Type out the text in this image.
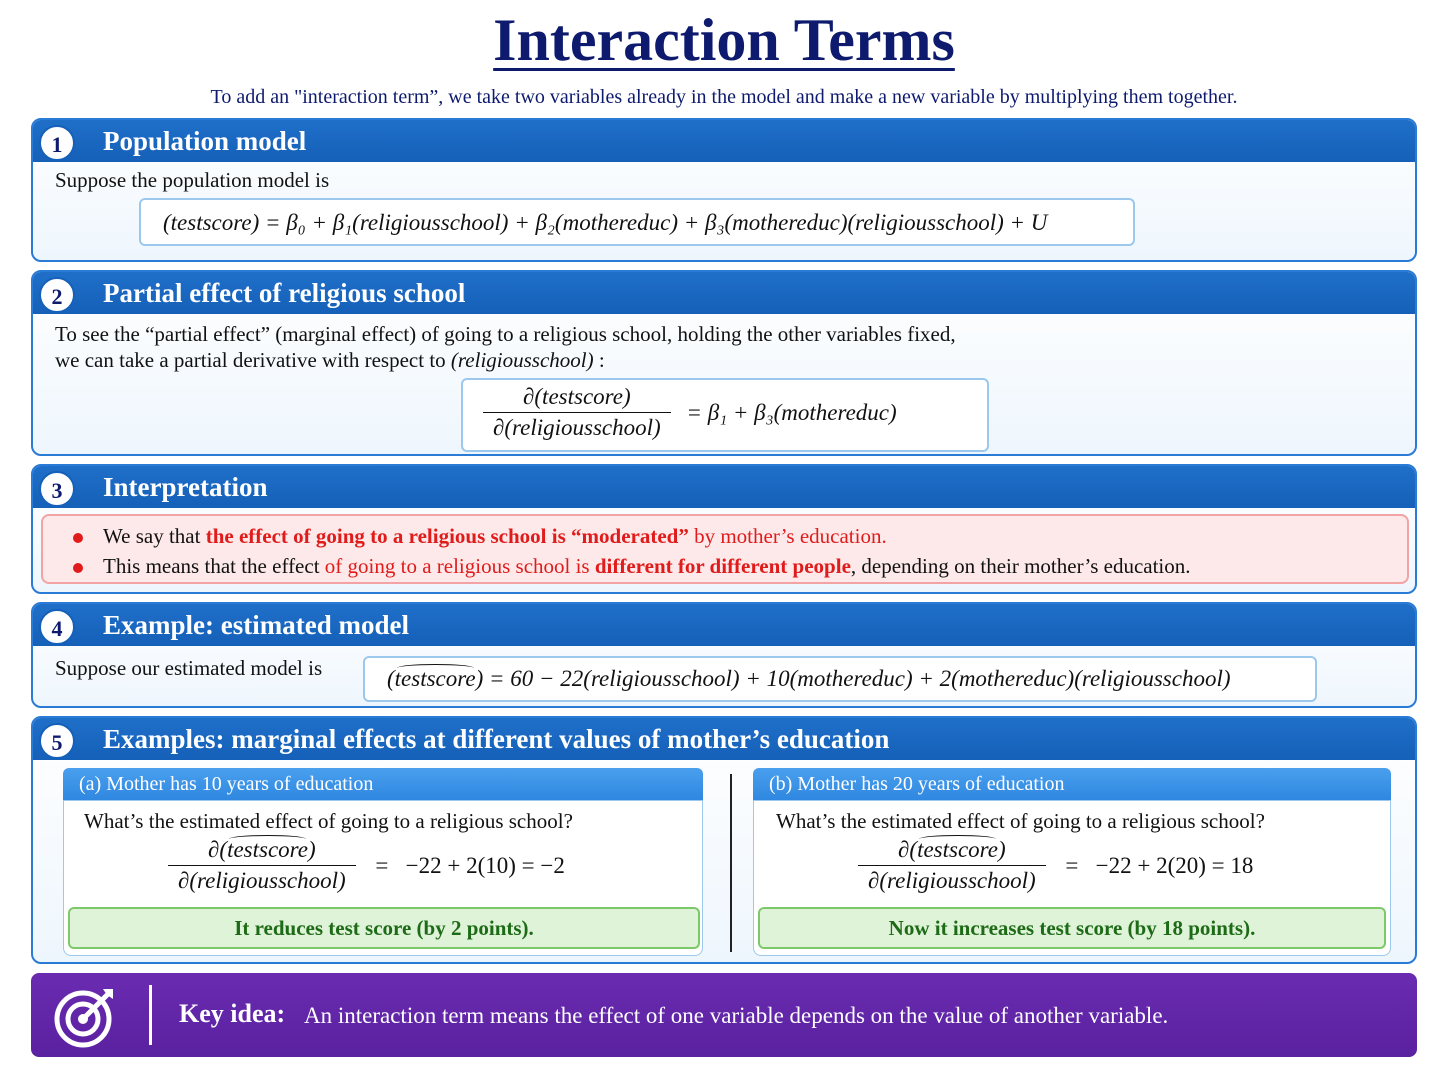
Interaction Terms
To add an "interaction term”, we take two variables already in the model and make a new variable by multiplying them together.
1	Population model
Suppose the population model is
(testscore) = β₀ + β₁(religiousschool) + β₂(mothereduc) + β₃(mothereduc)(religiousschool) + U
2	Partial effect of religious school
To see the “partial effect” (marginal effect) of going to a religious school, holding the other variables fixed,
we can take a partial derivative with respect to (religiousschool) :
$\frac{\text{∂(testscore)}}{\text{∂(religiousschool)}} = \beta_1$ + β₃(mothereduc)
3	Interpretation
We say that the effect of going to a religious school is “moderated” by mother’s education.
This means that the effect of going to a religious school is different for different people, depending on their mother’s education.
4	Example: estimated model
Suppose our estimated model is	(
testscore) = 60 − 22(religiousschool) + 10(mothereduc) + 2(mothereduc)(religiousschool)
5	Examples: marginal effects at different values of mother’s education
(a) Mother has 10 years of education
What’s the estimated effect of going to a religious school?
∂(
testscore)
∂(religiousschool) =   −22 + 2(10) = −2
It reduces test score (by 2 points).
(b) Mother has 20 years of education
What’s the estimated effect of going to a religious school?
∂(
testscore)
∂(religiousschool) =   −22 + 2(20) = 18
Now it increases test score (by 18 points).
Key idea: An interaction term means the effect of one variable depends on the value of another variable.
